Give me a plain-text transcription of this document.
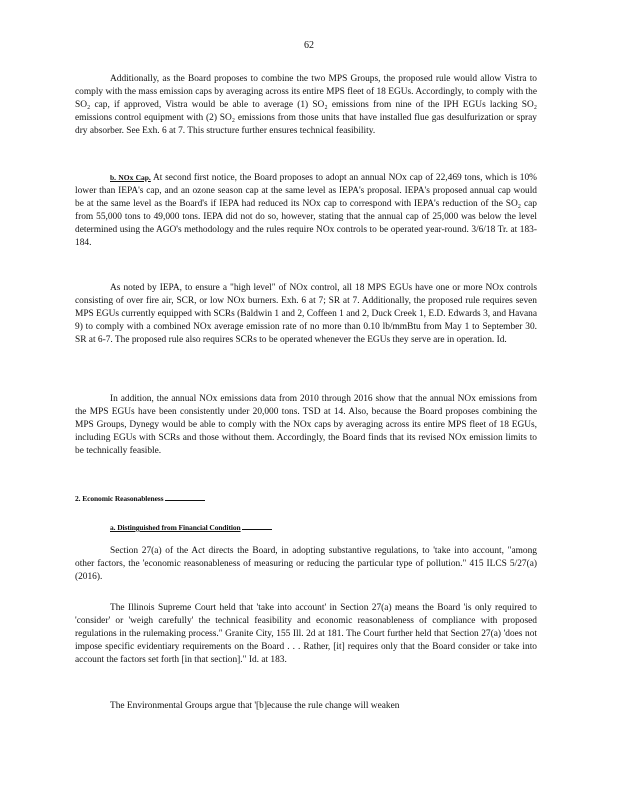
62

Additionally, as the Board proposes to combine the two MPS Groups, the proposed rule would allow Vistra to comply with the mass emission caps by averaging across its entire MPS fleet of 18 EGUs. Accordingly, to comply with the SO₂ cap, if approved, Vistra would be able to average (1) SO₂ emissions from nine of the IPH EGUs lacking SO₂ emissions control equipment with (2) SO₂ emissions from those units that have installed flue gas desulfurization or spray dry absorber. See Exh. 6 at 7. This structure further ensures technical feasibility.

b. NOx Cap. At second first notice, the Board proposes to adopt an annual NOx cap of 22,469 tons, which is 10% lower than IEPA's cap, and an ozone season cap at the same level as IEPA's proposal. IEPA's proposed annual cap would be at the same level as the Board's if IEPA had reduced its NOx cap to correspond with IEPA's reduction of the SO₂ cap from 55,000 tons to 49,000 tons. IEPA did not do so, however, stating that the annual cap of 25,000 was below the level determined using the AGO's methodology and the rules require NOx controls to be operated year-round. 3/6/18 Tr. at 183-184.

As noted by IEPA, to ensure a "high level" of NOx control, all 18 MPS EGUs have one or more NOx controls consisting of over fire air, SCR, or low NOx burners. Exh. 6 at 7; SR at 7. Additionally, the proposed rule requires seven MPS EGUs currently equipped with SCRs (Baldwin 1 and 2, Coffeen 1 and 2, Duck Creek 1, E.D. Edwards 3, and Havana 9) to comply with a combined NOx average emission rate of no more than 0.10 lb/mmBtu from May 1 to September 30. SR at 6-7. The proposed rule also requires SCRs to be operated whenever the EGUs they serve are in operation. Id.

In addition, the annual NOx emissions data from 2010 through 2016 show that the annual NOx emissions from the MPS EGUs have been consistently under 20,000 tons. TSD at 14. Also, because the Board proposes combining the MPS Groups, Dynegy would be able to comply with the NOx caps by averaging across its entire MPS fleet of 18 EGUs, including EGUs with SCRs and those without them. Accordingly, the Board finds that its revised NOx emission limits to be technically feasible.

2. Economic Reasonableness
a. Distinguished from Financial Condition

Section 27(a) of the Act directs the Board, in adopting substantive regulations, to 'take into account, "among other factors, the 'economic reasonableness of measuring or reducing the particular type of pollution." 415 ILCS 5/27(a) (2016).

The Illinois Supreme Court held that 'take into account' in Section 27(a) means the Board 'is only required to 'consider' or 'weigh carefully' the technical feasibility and economic reasonableness of compliance with proposed regulations in the rulemaking process." Granite City, 155 Ill. 2d at 181. The Court further held that Section 27(a) 'does not impose specific evidentiary requirements on the Board . . . Rather, [it] requires only that the Board consider or take into account the factors set forth [in that section]." Id. at 183.

The Environmental Groups argue that '[b]ecause the rule change will weaken
